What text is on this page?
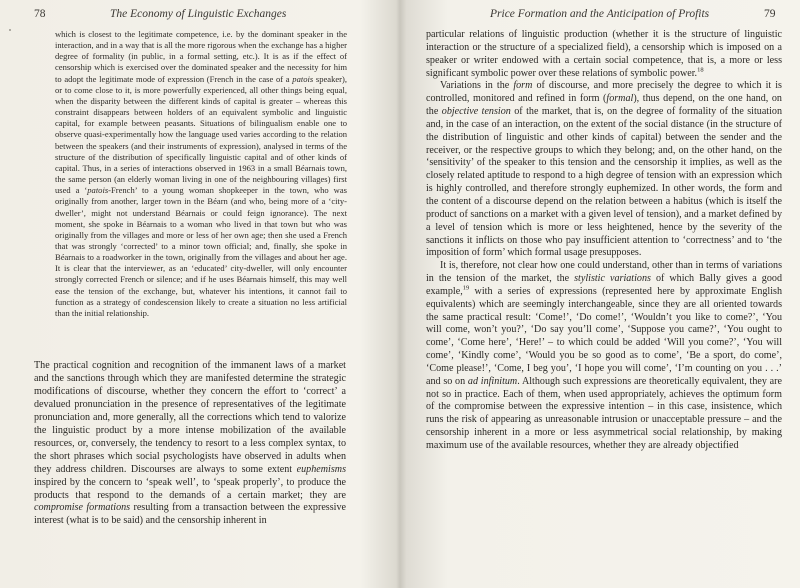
78	The Economy of Linguistic Exchanges

which is closest to the legitimate competence, i.e. by the dominant speaker in the interaction, and in a way that is all the more rigorous when the exchange has a higher degree of formality (in public, in a formal setting, etc.). It is as if the effect of censorship which is exercised over the dominated speaker and the necessity for him to adopt the legitimate mode of expression (French in the case of a patois speaker), or to come close to it, is more powerfully experienced, all other things being equal, when the disparity between the different kinds of capital is greater – whereas this constraint disappears between holders of an equivalent symbolic and linguistic capital, for example between peasants. Situations of bilingualism enable one to observe quasi-experimentally how the language used varies according to the relation between the speakers (and their instruments of expression), analysed in terms of the structure of the distribution of specifically linguistic capital and of other kinds of capital. Thus, in a series of interactions observed in 1963 in a small Béarnais town, the same person (an elderly woman living in one of the neighbouring villages) first used a ‘patois-French’ to a young woman shopkeeper in the town, who was originally from another, larger town in the Béarn (and who, being more of a ‘city-dweller’, might not understand Béarnais or could feign ignorance). The next moment, she spoke in Béarnais to a woman who lived in that town but who was originally from the villages and more or less of her own age; then she used a French that was strongly ‘corrected’ to a minor town official; and, finally, she spoke in Béarnais to a roadworker in the town, originally from the villages and about her age. It is clear that the interviewer, as an ‘educated’ city-dweller, will only encounter strongly corrected French or silence; and if he uses Béarnais himself, this may well ease the tension of the exchange, but, whatever his intentions, it cannot fail to function as a strategy of condescension likely to create a situation no less artificial than the initial relationship.

The practical cognition and recognition of the immanent laws of a market and the sanctions through which they are manifested determine the strategic modifications of discourse, whether they concern the effort to ‘correct’ a devalued pronunciation in the presence of representatives of the legitimate pronunciation and, more generally, all the corrections which tend to valorize the linguistic product by a more intense mobilization of the available resources, or, conversely, the tendency to resort to a less complex syntax, to the short phrases which social psychologists have observed in adults when they address children. Discourses are always to some extent euphemisms inspired by the concern to ‘speak well’, to ‘speak properly’, to produce the products that respond to the demands of a certain market; they are compromise formations resulting from a transaction between the expressive interest (what is to be said) and the censorship inherent in

Price Formation and the Anticipation of Profits	79

particular relations of linguistic production (whether it is the structure of linguistic interaction or the structure of a specialized field), a censorship which is imposed on a speaker or writer endowed with a certain social competence, that is, a more or less significant symbolic power over these relations of symbolic power.$^{18}$

Variations in the form of discourse, and more precisely the degree to which it is controlled, monitored and refined in form (formal), thus depend, on the one hand, on the objective tension of the market, that is, on the degree of formality of the situation and, in the case of an interaction, on the extent of the social distance (in the structure of the distribution of linguistic and other kinds of capital) between the sender and the receiver, or the respective groups to which they belong; and, on the other hand, on the ‘sensitivity’ of the speaker to this tension and the censorship it implies, as well as the closely related aptitude to respond to a high degree of tension with an expression which is highly controlled, and therefore strongly euphemized. In other words, the form and the content of a discourse depend on the relation between a habitus (which is itself the product of sanctions on a market with a given level of tension), and a market defined by a level of tension which is more or less heightened, hence by the severity of the sanctions it inflicts on those who pay insufficient attention to ‘correctness’ and to ‘the imposition of form’ which formal usage presupposes.

It is, therefore, not clear how one could understand, other than in terms of variations in the tension of the market, the stylistic variations of which Bally gives a good example,$^{19}$ with a series of expressions (represented here by approximate English equivalents) which are seemingly interchangeable, since they are all oriented towards the same practical result: ‘Come!’, ‘Do come!’, ‘Wouldn’t you like to come?’, ‘You will come, won’t you?’, ‘Do say you’ll come’, ‘Suppose you came?’, ‘You ought to come’, ‘Come here’, ‘Here!’ – to which could be added ‘Will you come?’, ‘You will come’, ‘Kindly come’, ‘Would you be so good as to come’, ‘Be a sport, do come’, ‘Come please!’, ‘Come, I beg you’, ‘I hope you will come’, ‘I’m counting on you . . .’ and so on ad infinitum. Although such expressions are theoretically equivalent, they are not so in practice. Each of them, when used appropriately, achieves the optimum form of the compromise between the expressive intention – in this case, insistence, which runs the risk of appearing as unreasonable intrusion or unacceptable pressure – and the censorship inherent in a more or less asymmetrical social relationship, by making maximum use of the available resources, whether they are already objectified
